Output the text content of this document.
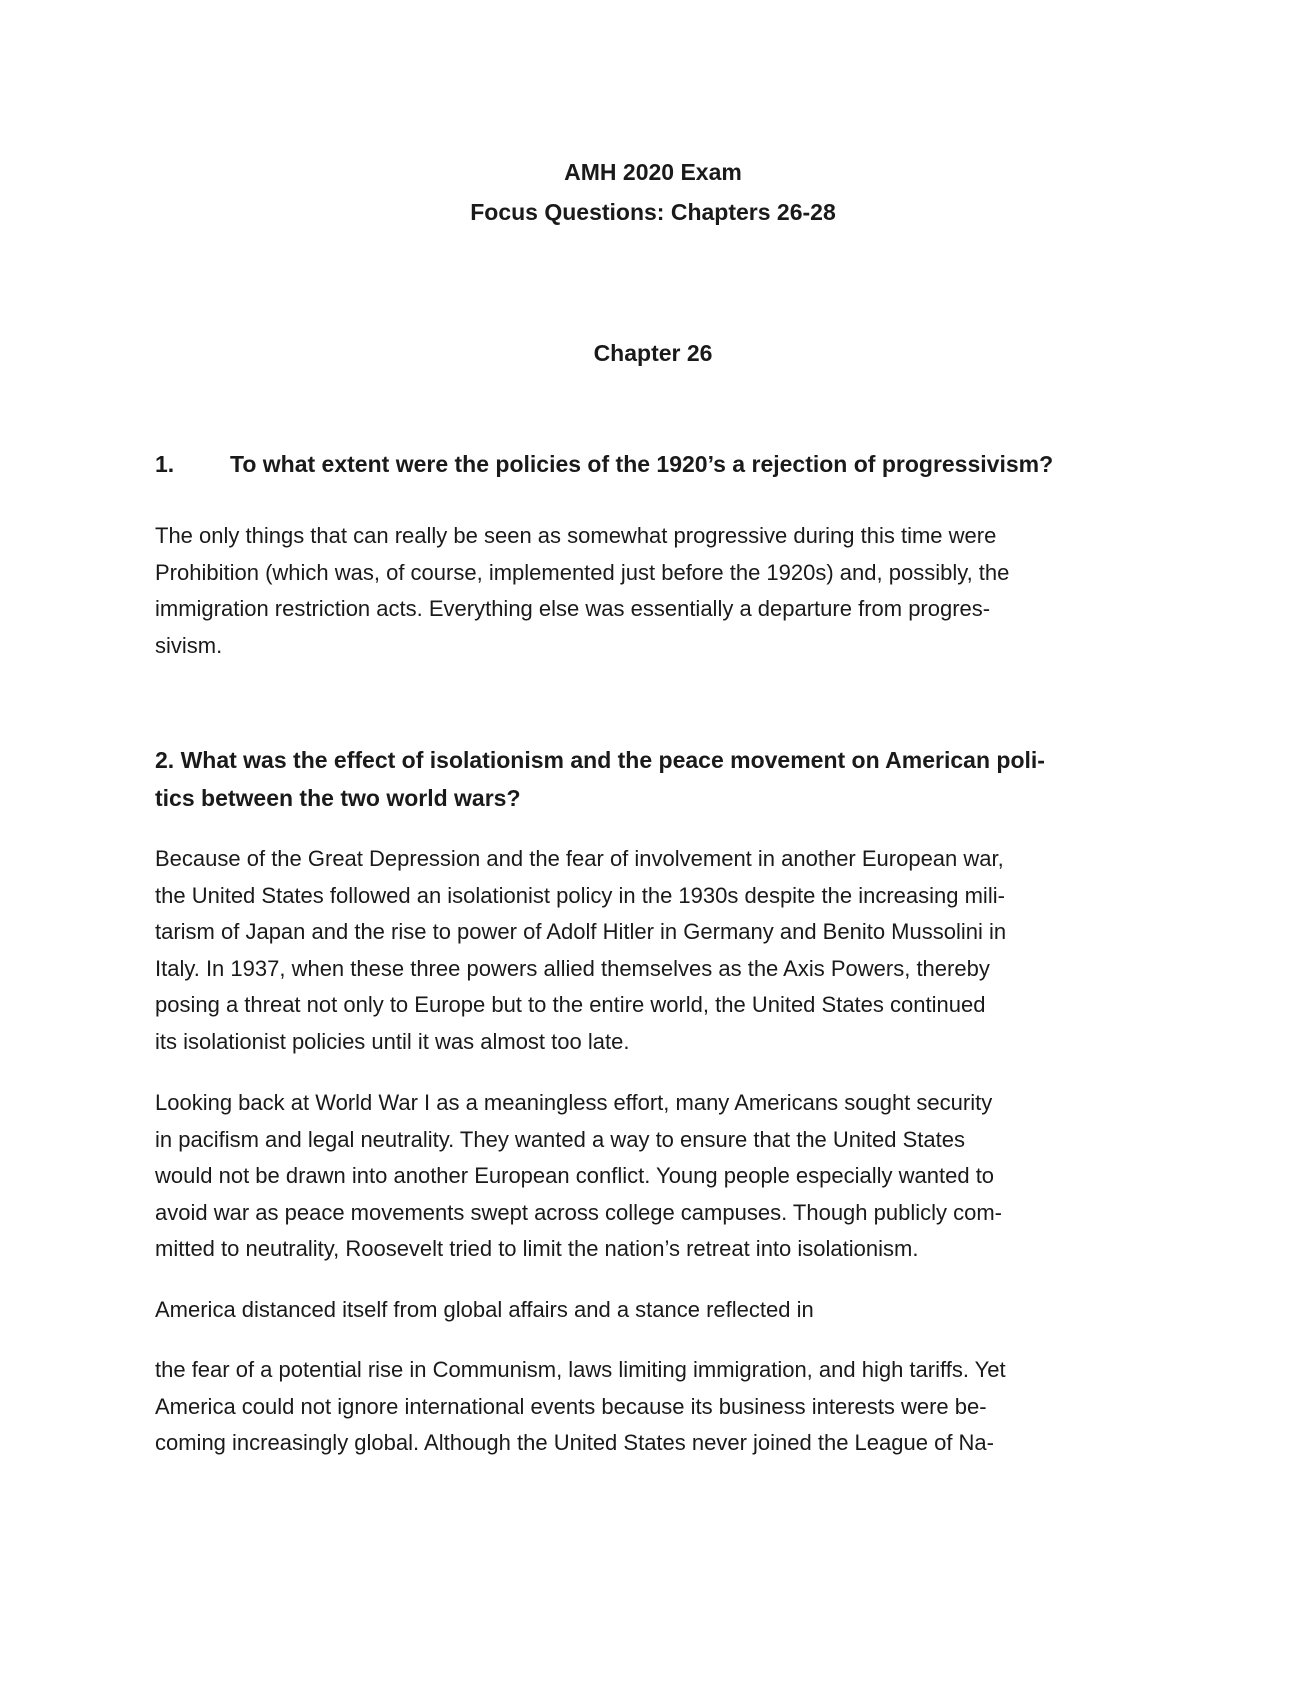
AMH 2020 Exam
Focus Questions: Chapters 26-28
Chapter 26
1. To what extent were the policies of the 1920’s a rejection of progressivism?

The only things that can really be seen as somewhat progressive during this time were
Prohibition (which was, of course, implemented just before the 1920s) and, possibly, the
immigration restriction acts. Everything else was essentially a departure from progres-
sivism.

2. What was the effect of isolationism and the peace movement on American poli-
tics between the two world wars?

Because of the Great Depression and the fear of involvement in another European war,
the United States followed an isolationist policy in the 1930s despite the increasing mili-
tarism of Japan and the rise to power of Adolf Hitler in Germany and Benito Mussolini in
Italy. In 1937, when these three powers allied themselves as the Axis Powers, thereby
posing a threat not only to Europe but to the entire world, the United States continued
its isolationist policies until it was almost too late.

Looking back at World War I as a meaningless effort, many Americans sought security
in pacifism and legal neutrality. They wanted a way to ensure that the United States
would not be drawn into another European conflict. Young people especially wanted to
avoid war as peace movements swept across college campuses. Though publicly com-
mitted to neutrality, Roosevelt tried to limit the nation’s retreat into isolationism.

America distanced itself from global affairs and a stance reflected in

the fear of a potential rise in Communism, laws limiting immigration, and high tariffs. Yet
America could not ignore international events because its business interests were be-
coming increasingly global. Although the United States never joined the League of Na-
